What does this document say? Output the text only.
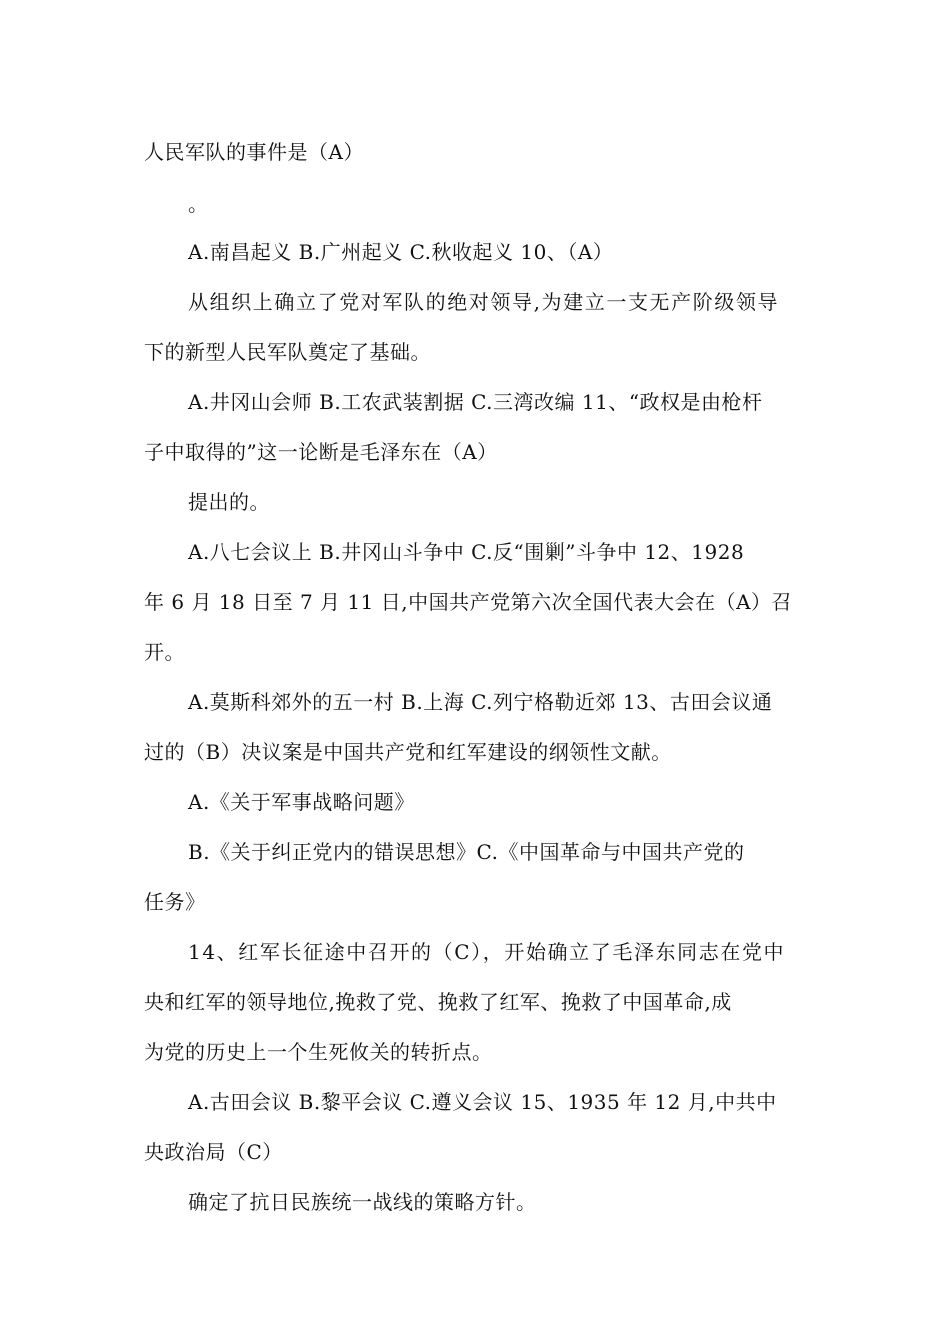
人民军队的事件是（A）
。
A.南昌起义 B.广州起义 C.秋收起义 10、（A）
从组织上确立了党对军队的绝对领导,为建立一支无产阶级领导
下的新型人民军队奠定了基础。
A.井冈山会师 B.工农武装割据 C.三湾改编 11、“政权是由枪杆
子中取得的”这一论断是毛泽东在（A）
提出的。
A.八七会议上 B.井冈山斗争中 C.反“围剿”斗争中 12、1928
年 6 月 18 日至 7 月 11 日,中国共产党第六次全国代表大会在（A）召
开。
A.莫斯科郊外的五一村 B.上海 C.列宁格勒近郊 13、古田会议通
过的（B）决议案是中国共产党和红军建设的纲领性文献。
A.《关于军事战略问题》
B.《关于纠正党内的错误思想》C.《中国革命与中国共产党的
任务》
14、红军长征途中召开的（C），开始确立了毛泽东同志在党中
央和红军的领导地位,挽救了党、挽救了红军、挽救了中国革命,成
为党的历史上一个生死攸关的转折点。
A.古田会议 B.黎平会议 C.遵义会议 15、1935 年 12 月,中共中
央政治局（C）
确定了抗日民族统一战线的策略方针。
